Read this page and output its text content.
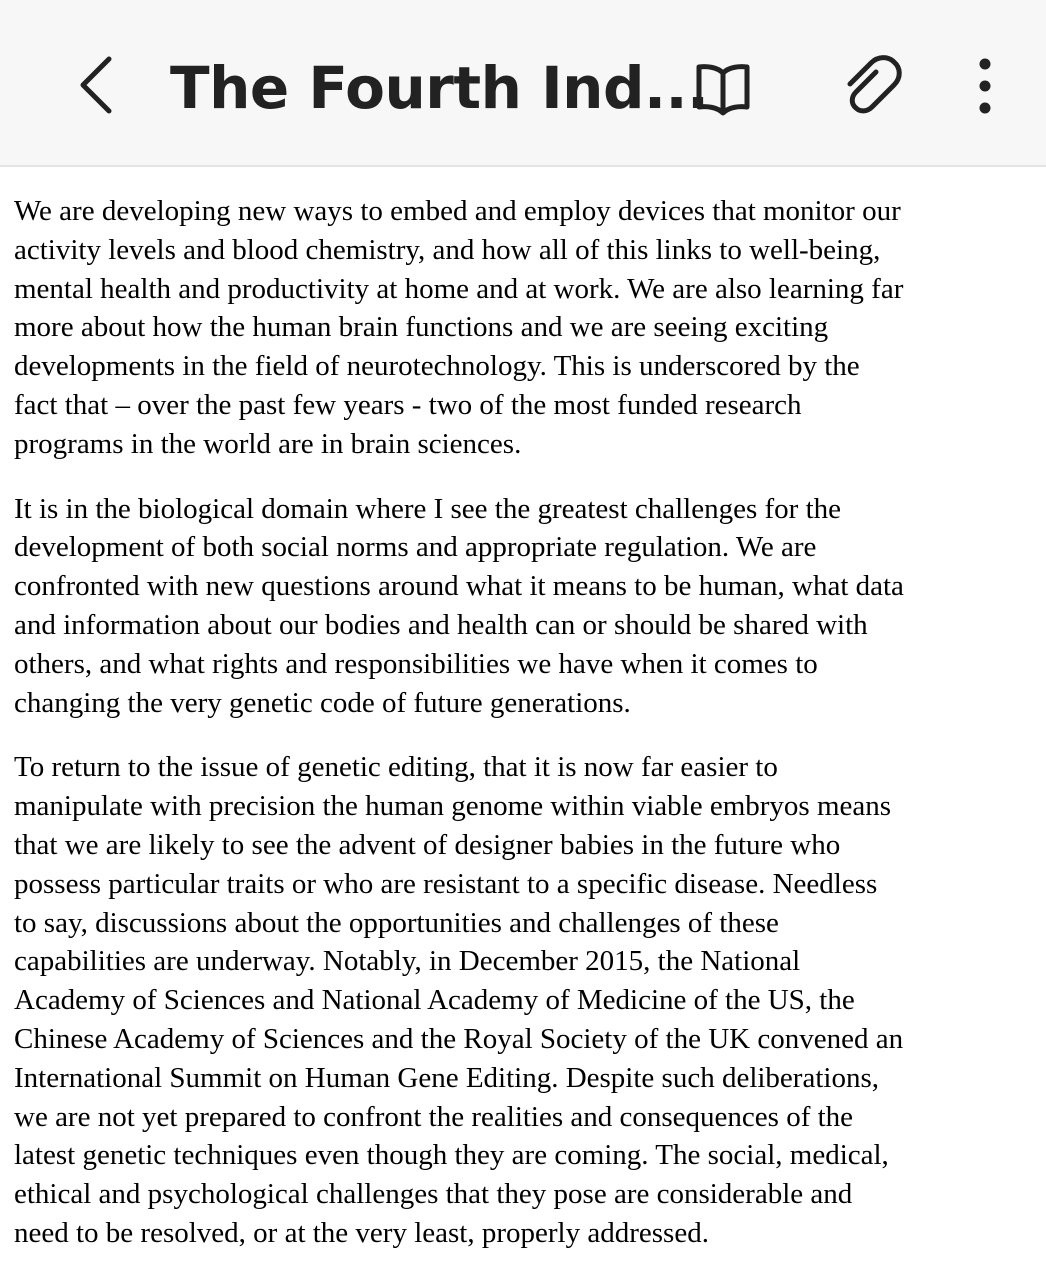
The Fourth Ind...
We are developing new ways to embed and employ devices that monitor our
activity levels and blood chemistry, and how all of this links to well-being,
mental health and productivity at home and at work. We are also learning far
more about how the human brain functions and we are seeing exciting
developments in the field of neurotechnology. This is underscored by the
fact that – over the past few years - two of the most funded research
programs in the world are in brain sciences.
It is in the biological domain where I see the greatest challenges for the
development of both social norms and appropriate regulation. We are
confronted with new questions around what it means to be human, what data
and information about our bodies and health can or should be shared with
others, and what rights and responsibilities we have when it comes to
changing the very genetic code of future generations.
To return to the issue of genetic editing, that it is now far easier to
manipulate with precision the human genome within viable embryos means
that we are likely to see the advent of designer babies in the future who
possess particular traits or who are resistant to a specific disease. Needless
to say, discussions about the opportunities and challenges of these
capabilities are underway. Notably, in December 2015, the National
Academy of Sciences and National Academy of Medicine of the US, the
Chinese Academy of Sciences and the Royal Society of the UK convened an
International Summit on Human Gene Editing. Despite such deliberations,
we are not yet prepared to confront the realities and consequences of the
latest genetic techniques even though they are coming. The social, medical,
ethical and psychological challenges that they pose are considerable and
need to be resolved, or at the very least, properly addressed.
